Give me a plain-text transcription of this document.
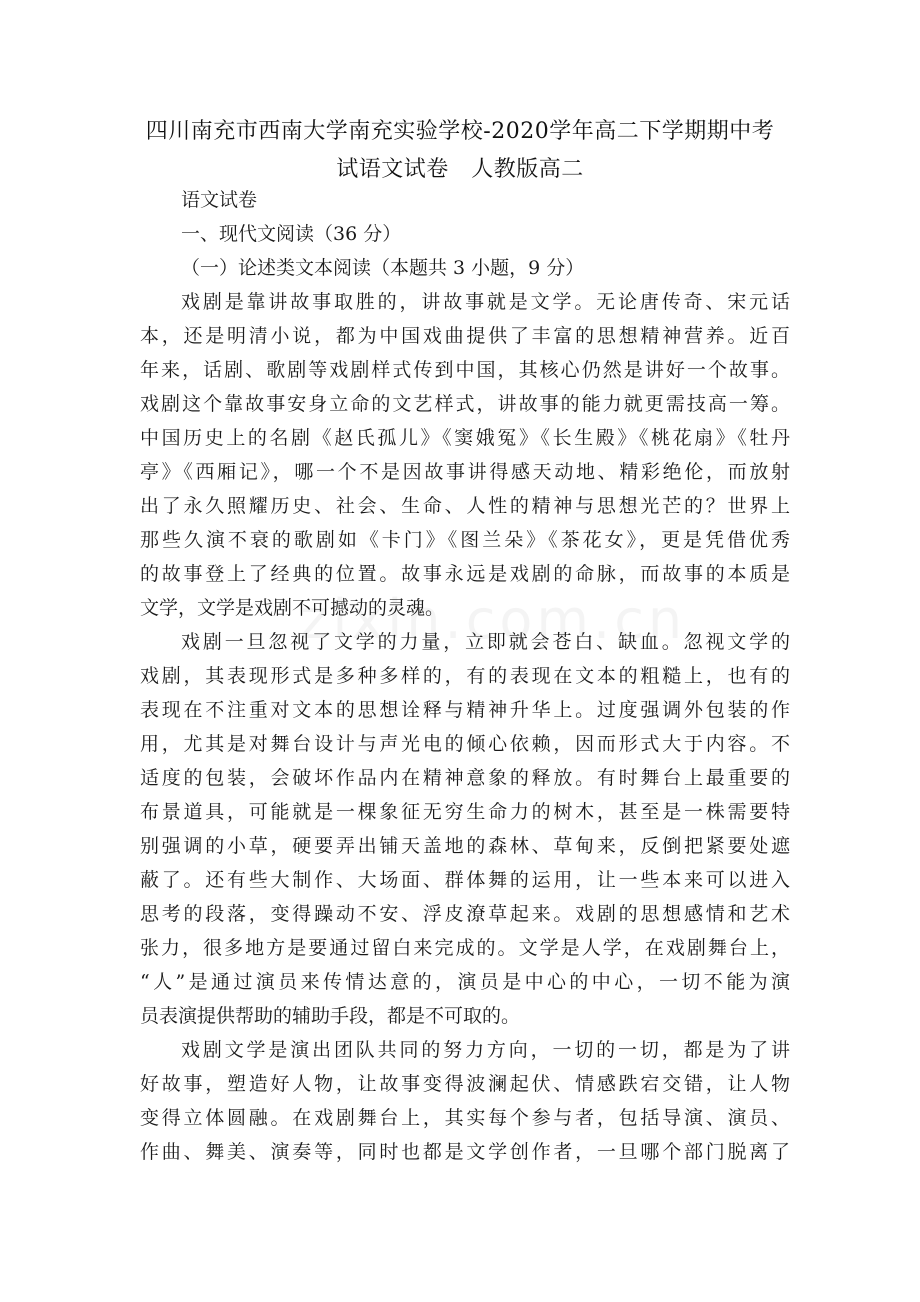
四川南充市西南大学南充实验学校-2020学年高二下学期期中考
试语文试卷　人教版高二
语文试卷
一、现代文阅读（36 分）
（一）论述类文本阅读（本题共 3 小题，9 分）
戏剧是靠讲故事取胜的，讲故事就是文学。无论唐传奇、宋元话
本，还是明清小说，都为中国戏曲提供了丰富的思想精神营养。近百
年来，话剧、歌剧等戏剧样式传到中国，其核心仍然是讲好一个故事。
戏剧这个靠故事安身立命的文艺样式，讲故事的能力就更需技高一筹。
中国历史上的名剧《赵氏孤儿》《窦娥冤》《长生殿》《桃花扇》《牡丹
亭》《西厢记》，哪一个不是因故事讲得感天动地、精彩绝伦，而放射
出了永久照耀历史、社会、生命、人性的精神与思想光芒的？世界上
那些久演不衰的歌剧如《卡门》《图兰朵》《茶花女》，更是凭借优秀
的故事登上了经典的位置。故事永远是戏剧的命脉，而故事的本质是
文学，文学是戏剧不可撼动的灵魂。
戏剧一旦忽视了文学的力量，立即就会苍白、缺血。忽视文学的
戏剧，其表现形式是多种多样的，有的表现在文本的粗糙上，也有的
表现在不注重对文本的思想诠释与精神升华上。过度强调外包装的作
用，尤其是对舞台设计与声光电的倾心依赖，因而形式大于内容。不
适度的包装，会破坏作品内在精神意象的释放。有时舞台上最重要的
布景道具，可能就是一棵象征无穷生命力的树木，甚至是一株需要特
别强调的小草，硬要弄出铺天盖地的森林、草甸来，反倒把紧要处遮
蔽了。还有些大制作、大场面、群体舞的运用，让一些本来可以进入
思考的段落，变得躁动不安、浮皮潦草起来。戏剧的思想感情和艺术
张力，很多地方是要通过留白来完成的。文学是人学，在戏剧舞台上，
“人”是通过演员来传情达意的，演员是中心的中心，一切不能为演
员表演提供帮助的辅助手段，都是不可取的。
戏剧文学是演出团队共同的努力方向，一切的一切，都是为了讲
好故事，塑造好人物，让故事变得波澜起伏、情感跌宕交错，让人物
变得立体圆融。在戏剧舞台上，其实每个参与者，包括导演、演员、
作曲、舞美、演奏等，同时也都是文学创作者，一旦哪个部门脱离了
